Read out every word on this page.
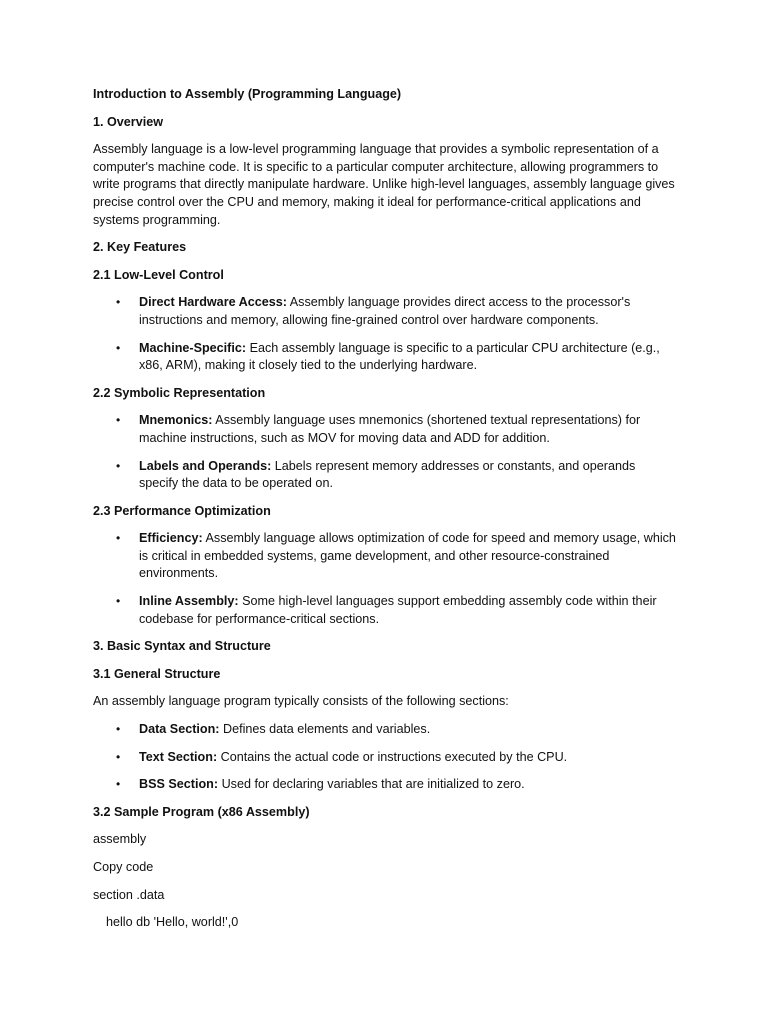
Introduction to Assembly (Programming Language)

1. Overview

Assembly language is a low-level programming language that provides a symbolic representation of a computer's machine code. It is specific to a particular computer architecture, allowing programmers to write programs that directly manipulate hardware. Unlike high-level languages, assembly language gives precise control over the CPU and memory, making it ideal for performance-critical applications and systems programming.

2. Key Features

2.1 Low-Level Control

• Direct Hardware Access: Assembly language provides direct access to the processor's instructions and memory, allowing fine-grained control over hardware components.
• Machine-Specific: Each assembly language is specific to a particular CPU architecture (e.g., x86, ARM), making it closely tied to the underlying hardware.

2.2 Symbolic Representation

• Mnemonics: Assembly language uses mnemonics (shortened textual representations) for machine instructions, such as MOV for moving data and ADD for addition.
• Labels and Operands: Labels represent memory addresses or constants, and operands specify the data to be operated on.

2.3 Performance Optimization

• Efficiency: Assembly language allows optimization of code for speed and memory usage, which is critical in embedded systems, game development, and other resource-constrained environments.
• Inline Assembly: Some high-level languages support embedding assembly code within their codebase for performance-critical sections.

3. Basic Syntax and Structure

3.1 General Structure

An assembly language program typically consists of the following sections:

• Data Section: Defines data elements and variables.
• Text Section: Contains the actual code or instructions executed by the CPU.
• BSS Section: Used for declaring variables that are initialized to zero.

3.2 Sample Program (x86 Assembly)

assembly

Copy code

section .data

hello db 'Hello, world!',0
